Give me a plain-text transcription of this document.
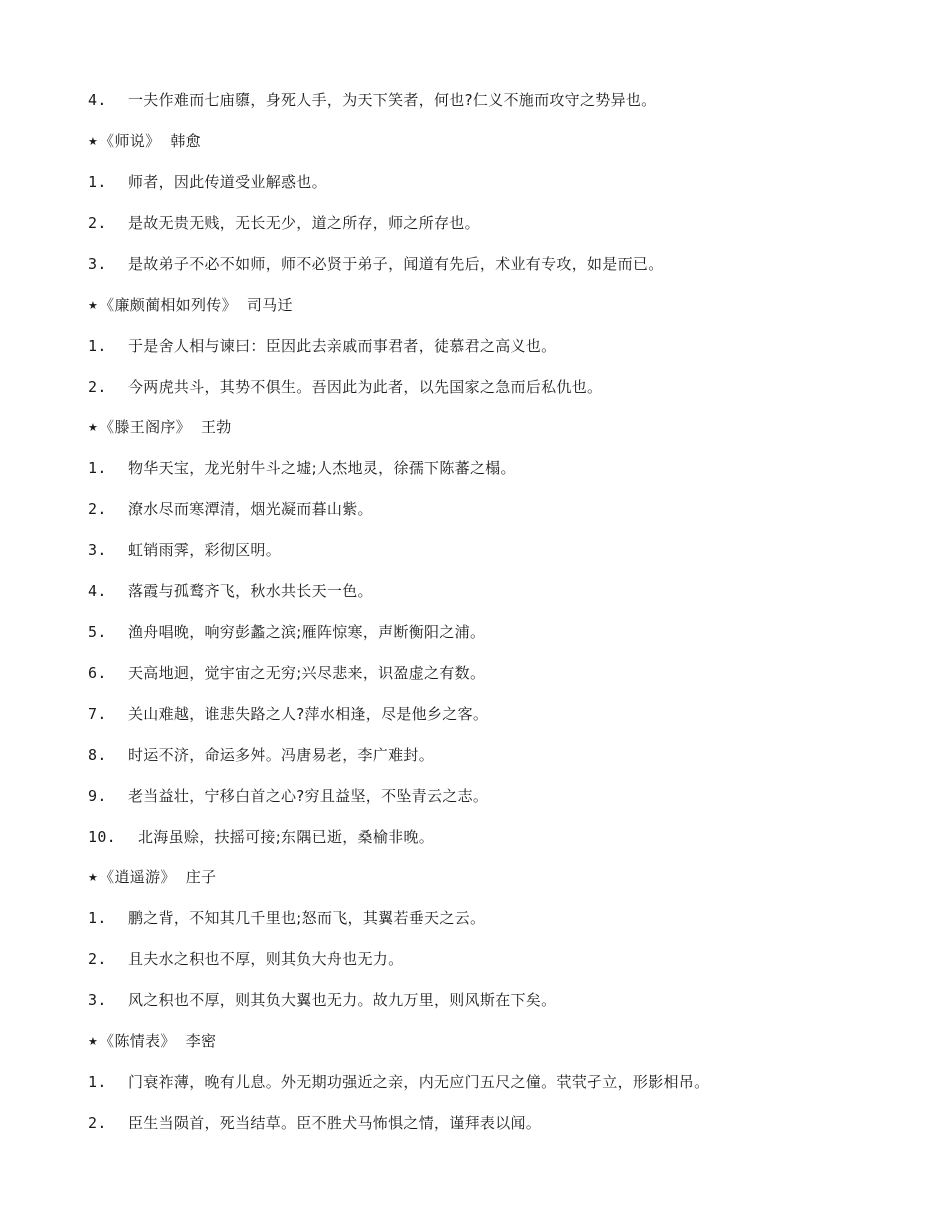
4. 一夫作难而七庙隳，身死人手，为天下笑者，何也?仁义不施而攻守之势异也。
★《师说》 韩愈
1. 师者，因此传道受业解惑也。
2. 是故无贵无贱，无长无少，道之所存，师之所存也。
3. 是故弟子不必不如师，师不必贤于弟子，闻道有先后，术业有专攻，如是而已。
★《廉颇蔺相如列传》 司马迁
1. 于是舍人相与谏曰：臣因此去亲戚而事君者，徒慕君之高义也。
2. 今两虎共斗，其势不俱生。吾因此为此者，以先国家之急而后私仇也。
★《滕王阁序》 王勃
1. 物华天宝，龙光射牛斗之墟;人杰地灵，徐孺下陈蕃之榻。
2. 潦水尽而寒潭清，烟光凝而暮山紫。
3. 虹销雨霁，彩彻区明。
4. 落霞与孤鹜齐飞，秋水共长天一色。
5. 渔舟唱晚，响穷彭蠡之滨;雁阵惊寒，声断衡阳之浦。
6. 天高地迥，觉宇宙之无穷;兴尽悲来，识盈虚之有数。
7. 关山难越，谁悲失路之人?萍水相逢，尽是他乡之客。
8. 时运不济，命运多舛。冯唐易老，李广难封。
9. 老当益壮，宁移白首之心?穷且益坚，不坠青云之志。
10. 北海虽赊，扶摇可接;东隅已逝，桑榆非晚。
★《逍遥游》 庄子
1. 鹏之背，不知其几千里也;怒而飞，其翼若垂天之云。
2. 且夫水之积也不厚，则其负大舟也无力。
3. 风之积也不厚，则其负大翼也无力。故九万里，则风斯在下矣。
★《陈情表》 李密
1. 门衰祚薄，晚有儿息。外无期功强近之亲，内无应门五尺之僮。茕茕孑立，形影相吊。
2. 臣生当陨首，死当结草。臣不胜犬马怖惧之情，谨拜表以闻。
